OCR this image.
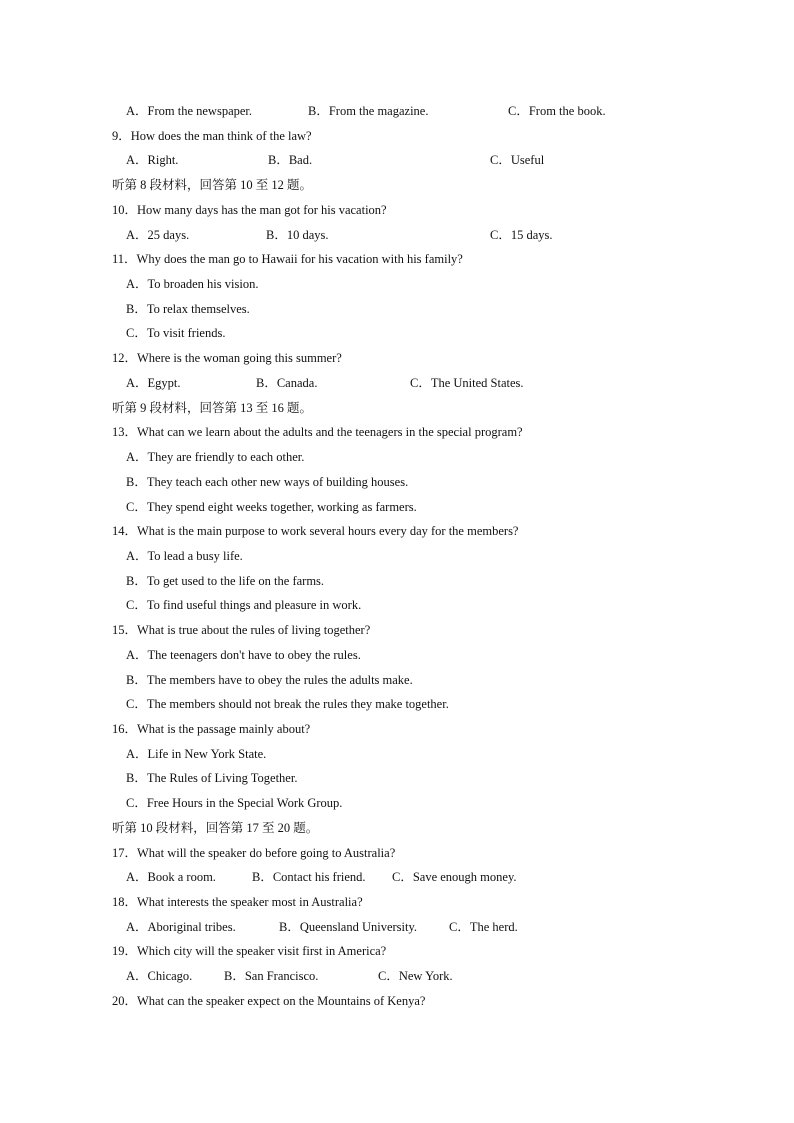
A．From the newspaper.	B．From the magazine.	C．From the book.
9．How does the man think of the law?
A．Right.	B．Bad.	C．Useful
听第 8 段材料，回答第 10 至 12 题。
10．How many days has the man got for his vacation?
A．25 days.	B．10 days.	C．15 days.
11．Why does the man go to Hawaii for his vacation with his family?
A．To broaden his vision.
B．To relax themselves.
C．To visit friends.
12．Where is the woman going this summer?
A．Egypt.	B．Canada.	C．The United States.
听第 9 段材料，回答第 13 至 16 题。
13．What can we learn about the adults and the teenagers in the special program?
A．They are friendly to each other.
B．They teach each other new ways of building houses.
C．They spend eight weeks together, working as farmers.
14．What is the main purpose to work several hours every day for the members?
A．To lead a busy life.
B．To get used to the life on the farms.
C．To find useful things and pleasure in work.
15．What is true about the rules of living together?
A．The teenagers don't have to obey the rules.
B．The members have to obey the rules the adults make.
C．The members should not break the rules they make together.
16．What is the passage mainly about?
A．Life in New York State.
B．The Rules of Living Together.
C．Free Hours in the Special Work Group.
听第 10 段材料，回答第 17 至 20 题。
17．What will the speaker do before going to Australia?
A．Book a room.	B．Contact his friend. C．Save enough money.
18．What interests the speaker most in Australia?
A．Aboriginal tribes.	B．Queensland University.	C．The herd.
19．Which city will the speaker visit first in America?
A．Chicago.	B．San Francisco.	C．New York.
20．What can the speaker expect on the Mountains of Kenya?
